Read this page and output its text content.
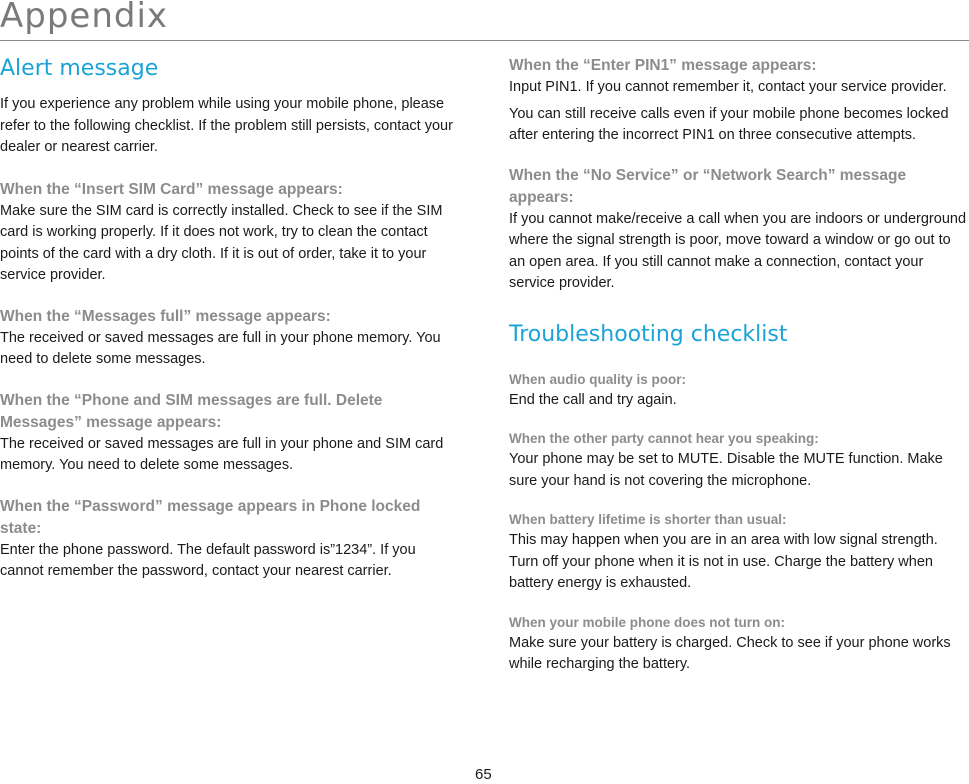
Appendix
Alert message

If you experience any problem while using your mobile phone, please refer to the following checklist. If the problem still persists, contact your dealer or nearest carrier.

When the “Insert SIM Card” message appears:

Make sure the SIM card is correctly installed. Check to see if the SIM card is working properly. If it does not work, try to clean the contact points of the card with a dry cloth. If it is out of order, take it to your service provider.

When the “Messages full” message appears:

The received or saved messages are full in your phone memory. You need to delete some messages.

When the “Phone and SIM messages are full. Delete Messages” message appears:

The received or saved messages are full in your phone and SIM card memory. You need to delete some messages.

When the “Password” message appears in Phone locked state:

Enter the phone password. The default password is”1234”. If you cannot remember the password, contact your nearest carrier.

When the “Enter PIN1” message appears:

Input PIN1. If you cannot remember it, contact your service provider.

You can still receive calls even if your mobile phone becomes locked after entering the incorrect PIN1 on three consecutive attempts.

When the “No Service” or “Network Search” message appears:

If you cannot make/receive a call when you are indoors or underground where the signal strength is poor, move toward a window or go out to an open area. If you still cannot make a connection, contact your service provider.

Troubleshooting checklist

When audio quality is poor:

End the call and try again.

When the other party cannot hear you speaking:

Your phone may be set to MUTE. Disable the MUTE function. Make sure your hand is not covering the microphone.

When battery lifetime is shorter than usual:

This may happen when you are in an area with low signal strength. Turn off your phone when it is not in use. Charge the battery when battery energy is exhausted.

When your mobile phone does not turn on:

Make sure your battery is charged. Check to see if your phone works while recharging the battery.

65
